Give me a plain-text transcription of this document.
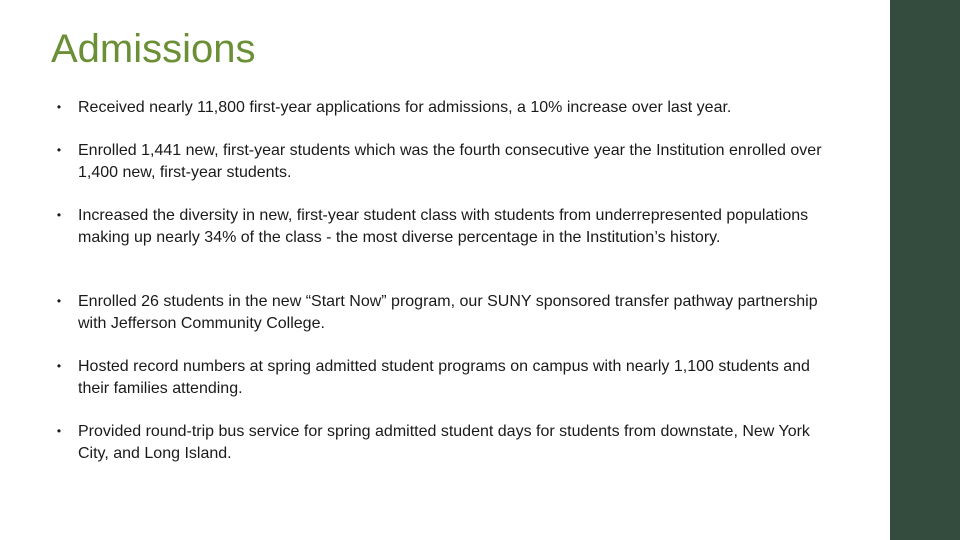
Admissions
•	Received nearly 11,800 first-year applications for admissions, a 10% increase over last year.
•	Enrolled 1,441 new, first-year students which was the fourth consecutive year the Institution enrolled over 1,400 new, first-year students.
•	Increased the diversity in new, first-year student class with students from underrepresented populations making up nearly 34% of the class - the most diverse percentage in the Institution’s history.
•	Enrolled 26 students in the new “Start Now” program, our SUNY sponsored transfer pathway partnership with Jefferson Community College.
•	Hosted record numbers at spring admitted student programs on campus with nearly 1,100 students and their families attending.
•	Provided round-trip bus service for spring admitted student days for students from downstate, New York City, and Long Island.
